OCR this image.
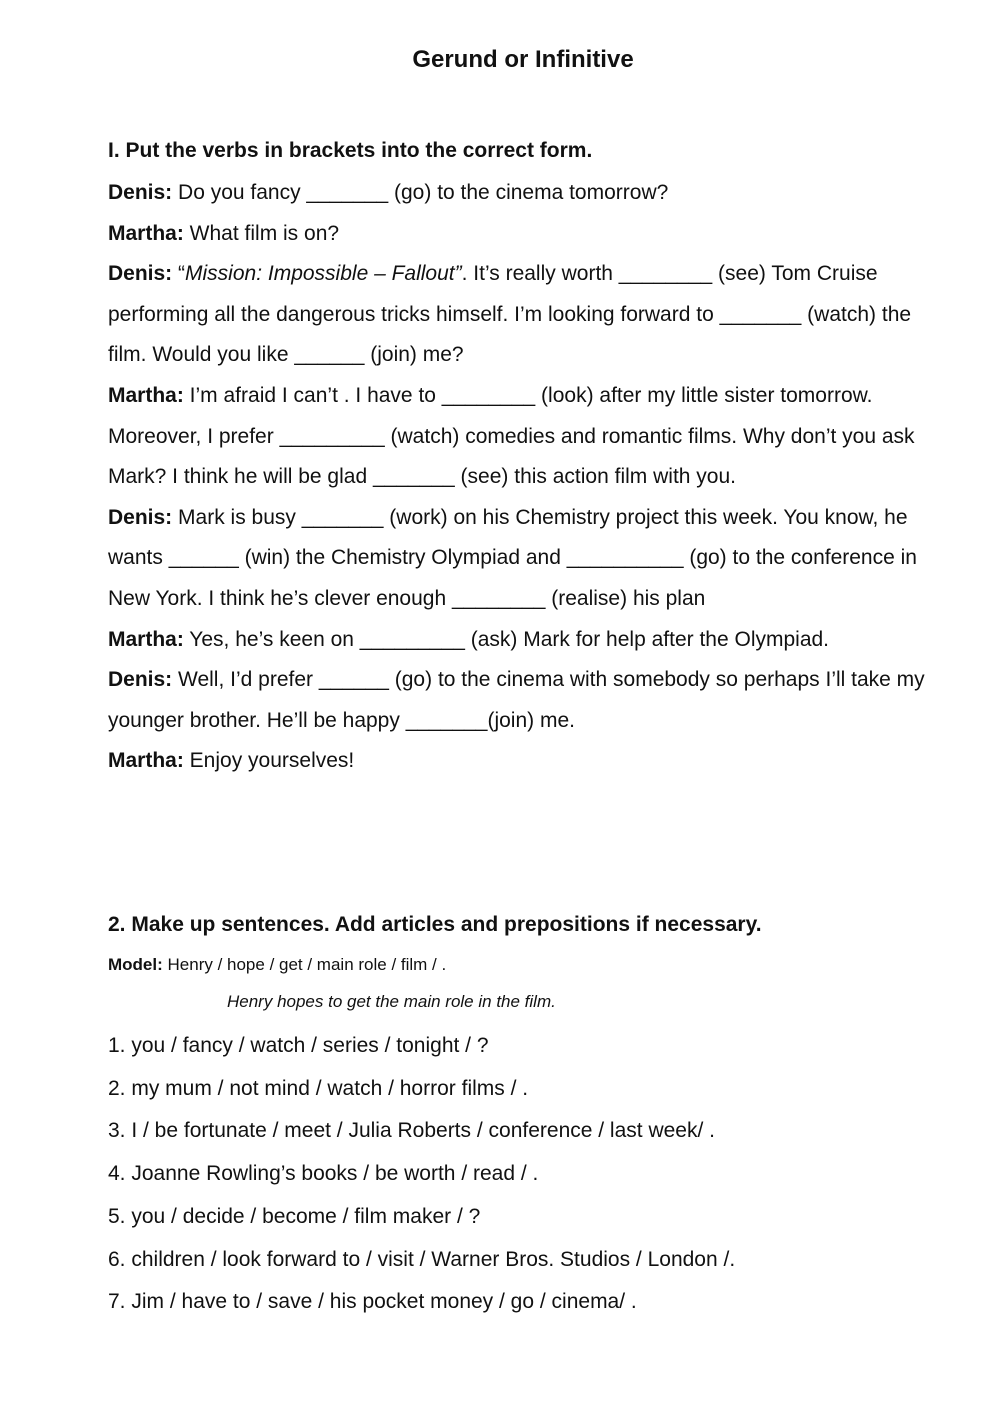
Gerund or Infinitive
I. Put the verbs in brackets into the correct form.

Denis: Do you fancy _______ (go) to the cinema tomorrow?

Martha: What film is on?

Denis: “Mission: Impossible – Fallout”. It’s really worth ________ (see) Tom Cruise performing all the dangerous tricks himself. I’m looking forward to _______ (watch) the film. Would you like ______ (join) me?

Martha: I’m afraid I can’t . I have to ________ (look) after my little sister tomorrow. Moreover, I prefer _________ (watch) comedies and romantic films. Why don’t you ask Mark? I think he will be glad _______ (see) this action film with you.

Denis: Mark is busy _______ (work) on his Chemistry project this week. You know, he wants ______ (win) the Chemistry Olympiad and __________ (go) to the conference in New York. I think he’s clever enough ________ (realise) his plan

Martha: Yes, he’s keen on _________ (ask) Mark for help after the Olympiad.

Denis: Well, I’d prefer ______ (go) to the cinema with somebody so perhaps I’ll take my younger brother. He’ll be happy _______(join) me.

Martha: Enjoy yourselves!

2. Make up sentences. Add articles and prepositions if necessary.
Model: Henry / hope / get / main role / film / .
Henry hopes to get the main role in the film.
1. you / fancy / watch / series / tonight / ?
2. my mum / not mind / watch / horror films / .
3. I / be fortunate / meet / Julia Roberts / conference / last week/ .
4. Joanne Rowling’s books / be worth / read / .
5. you / decide / become / film maker / ?
6. children / look forward to / visit / Warner Bros. Studios / London /.
7. Jim / have to / save / his pocket money / go / cinema/ .
